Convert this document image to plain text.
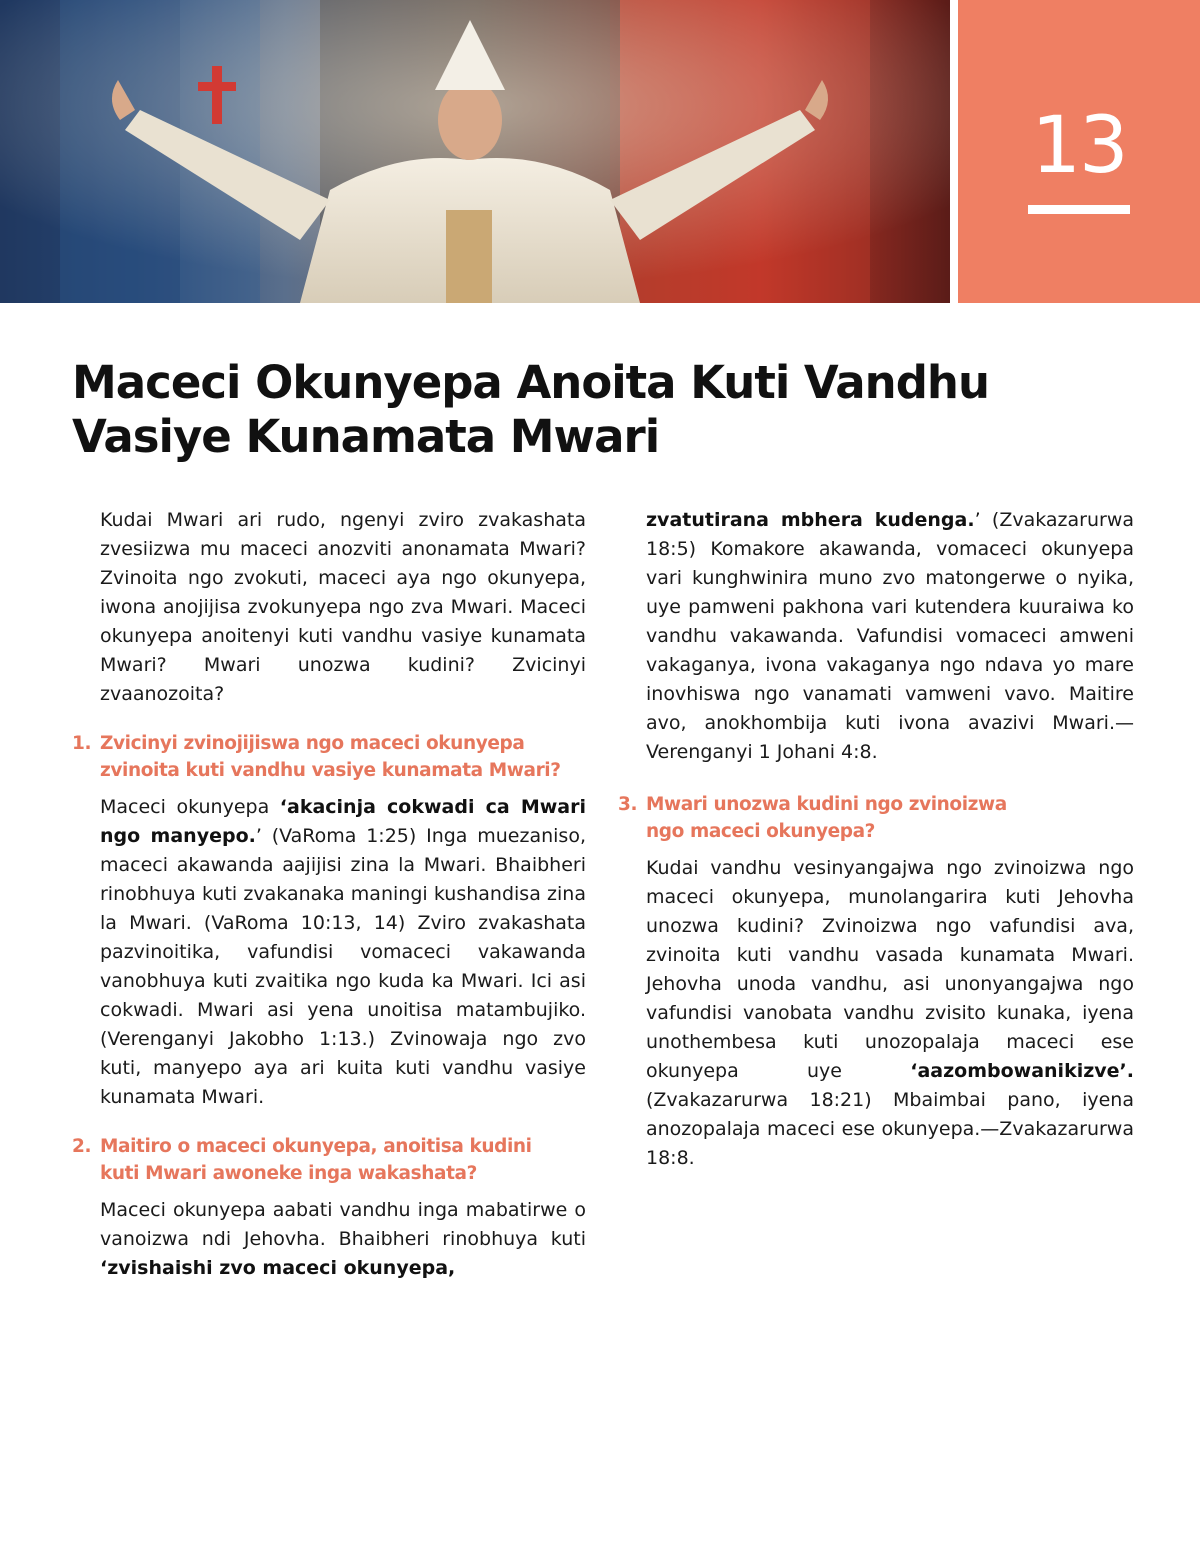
13
Maceci Okunyepa Anoita Kuti Vandhu
Vasiye Kunamata Mwari

Kudai Mwari ari rudo, ngenyi zviro zvakashata zvesiizwa mu maceci anozviti anonamata Mwari? Zvinoita ngo zvokuti, maceci aya ngo okunyepa, iwona anojijisa zvokunyepa ngo zva Mwari. Maceci okunyepa anoitenyi kuti vandhu vasiye kunamata Mwari? Mwari unozwa kudini? Zvicinyi zvaanozoita?

1. Zvicinyi zvinojijiswa ngo maceci okunyepa
zvinoita kuti vandhu vasiye kunamata Mwari?

Maceci okunyepa ‘akacinja cokwadi ca Mwari ngo manyepo.’ (VaRoma 1:25) Inga muezaniso, maceci akawanda aajijisi zina la Mwari. Bhaibheri rinobhuya kuti zvakanaka maningi kushandisa zina la Mwari. (VaRoma 10:13, 14) Zviro zvakashata pazvinoitika, vafundisi vomaceci vakawanda vanobhuya kuti zvaitika ngo kuda ka Mwari. Ici asi cokwadi. Mwari asi yena unoitisa matambujiko. (Verenganyi Jakobho 1:13.) Zvinowaja ngo zvo kuti, manyepo aya ari kuita kuti vandhu vasiye kunamata Mwari.

2. Maitiro o maceci okunyepa, anoitisa kudini
kuti Mwari awoneke inga wakashata?

Maceci okunyepa aabati vandhu inga mabatirwe o vanoizwa ndi Jehovha. Bhaibheri rinobhuya kuti ‘zvishaishi zvo maceci okunyepa,

zvatutirana mbhera kudenga.’ (Zvakazarurwa 18:5) Komakore akawanda, vomaceci okunyepa vari kunghwinira muno zvo matongerwe o nyika, uye pamweni pakhona vari kutendera kuuraiwa ko vandhu vakawanda. Vafundisi vomaceci amweni vakaganya, ivona vakaganya ngo ndava yo mare inovhiswa ngo vanamati vamweni vavo. Maitire avo, anokhombija kuti ivona avazivi Mwari.—Verenganyi 1 Johani 4:8.

3. Mwari unozwa kudini ngo zvinoizwa
ngo maceci okunyepa?

Kudai vandhu vesinyangajwa ngo zvinoizwa ngo maceci okunyepa, munolangarira kuti Jehovha unozwa kudini? Zvinoizwa ngo vafundisi ava, zvinoita kuti vandhu vasada kunamata Mwari. Jehovha unoda vandhu, asi unonyangajwa ngo vafundisi vanobata vandhu zvisito kunaka, iyena unothembesa kuti unozopalaja maceci ese okunyepa uye ‘aazombowanikizve’. (Zvakazarurwa 18:21) Mbaimbai pano, iyena anozopalaja maceci ese okunyepa.—Zvakazarurwa 18:8.
